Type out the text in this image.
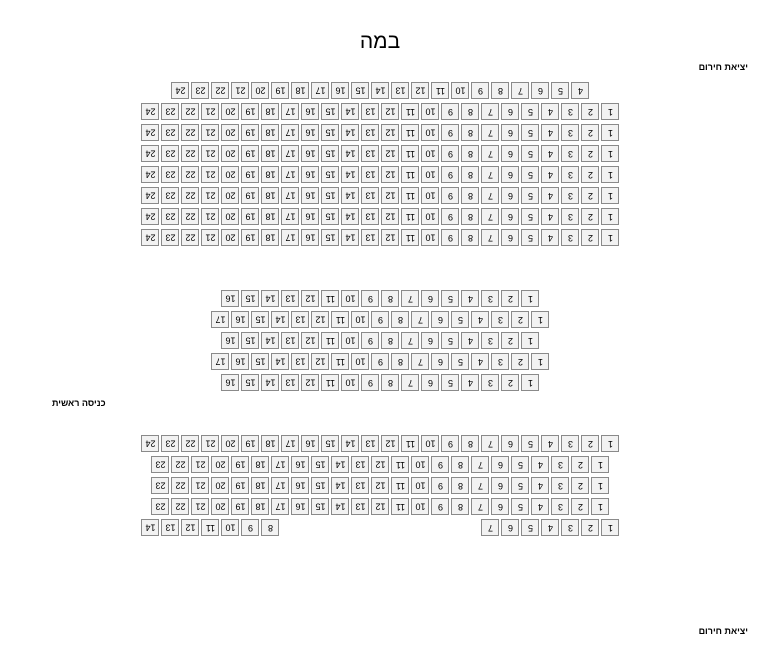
במה
יציאת חירום
יציאת חירום
כניסה ראשית
4
5
6
7
8
9
10
11
12
13
14
15
16
17
18
19
20
21
22
23
24
1
2
3
4
5
6
7
8
9
10
11
12
13
14
15
16
17
18
19
20
21
22
23
24
1
2
3
4
5
6
7
8
9
10
11
12
13
14
15
16
17
18
19
20
21
22
23
24
1
2
3
4
5
6
7
8
9
10
11
12
13
14
15
16
17
18
19
20
21
22
23
24
1
2
3
4
5
6
7
8
9
10
11
12
13
14
15
16
17
18
19
20
21
22
23
24
1
2
3
4
5
6
7
8
9
10
11
12
13
14
15
16
17
18
19
20
21
22
23
24
1
2
3
4
5
6
7
8
9
10
11
12
13
14
15
16
17
18
19
20
21
22
23
24
1
2
3
4
5
6
7
8
9
10
11
12
13
14
15
16
17
18
19
20
21
22
23
24
1
2
3
4
5
6
7
8
9
10
11
12
13
14
15
16
1
2
3
4
5
6
7
8
9
10
11
12
13
14
15
16
17
1
2
3
4
5
6
7
8
9
10
11
12
13
14
15
16
1
2
3
4
5
6
7
8
9
10
11
12
13
14
15
16
17
1
2
3
4
5
6
7
8
9
10
11
12
13
14
15
16
1
2
3
4
5
6
7
8
9
10
11
12
13
14
15
16
17
18
19
20
21
22
23
24
1
2
3
4
5
6
7
8
9
10
11
12
13
14
15
16
17
18
19
20
21
22
23
1
2
3
4
5
6
7
8
9
10
11
12
13
14
15
16
17
18
19
20
21
22
23
1
2
3
4
5
6
7
8
9
10
11
12
13
14
15
16
17
18
19
20
21
22
23
1
2
3
4
5
6
7
8
9
10
11
12
13
14
